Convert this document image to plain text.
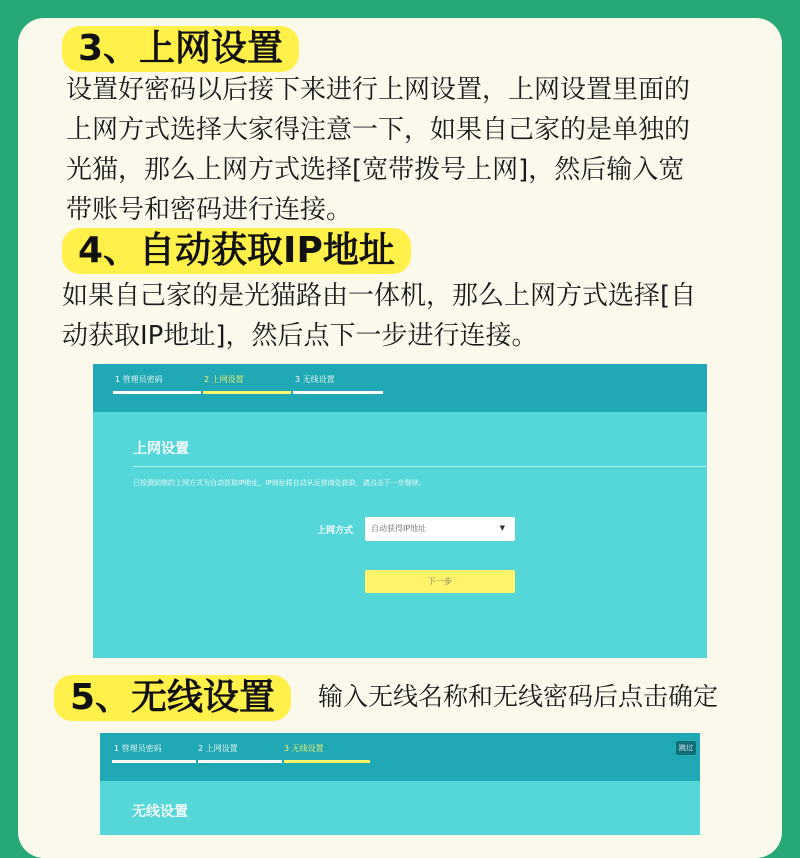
3、上网设置

设置好密码以后接下来进行上网设置，上网设置里面的

上网方式选择大家得注意一下，如果自己家的是单独的

光猫，那么上网方式选择[宽带拨号上网]，然后输入宽

带账号和密码进行连接。

4、自动获取IP地址

如果自己家的是光猫路由一体机，那么上网方式选择[自

动获取IP地址]，然后点下一步进行连接。

1 管理员密码	2 上网设置	3 无线设置
上网设置
已检测到您的上网方式为自动获取IP地址，IP地址将自动从运营商处获取，请点击下一步继续。
上网方式	自动获得IP地址	▼
下一步
5、无线设置	输入无线名称和无线密码后点击确定

1 管理员密码	2 上网设置	3 无线设置	跳过
无线设置
